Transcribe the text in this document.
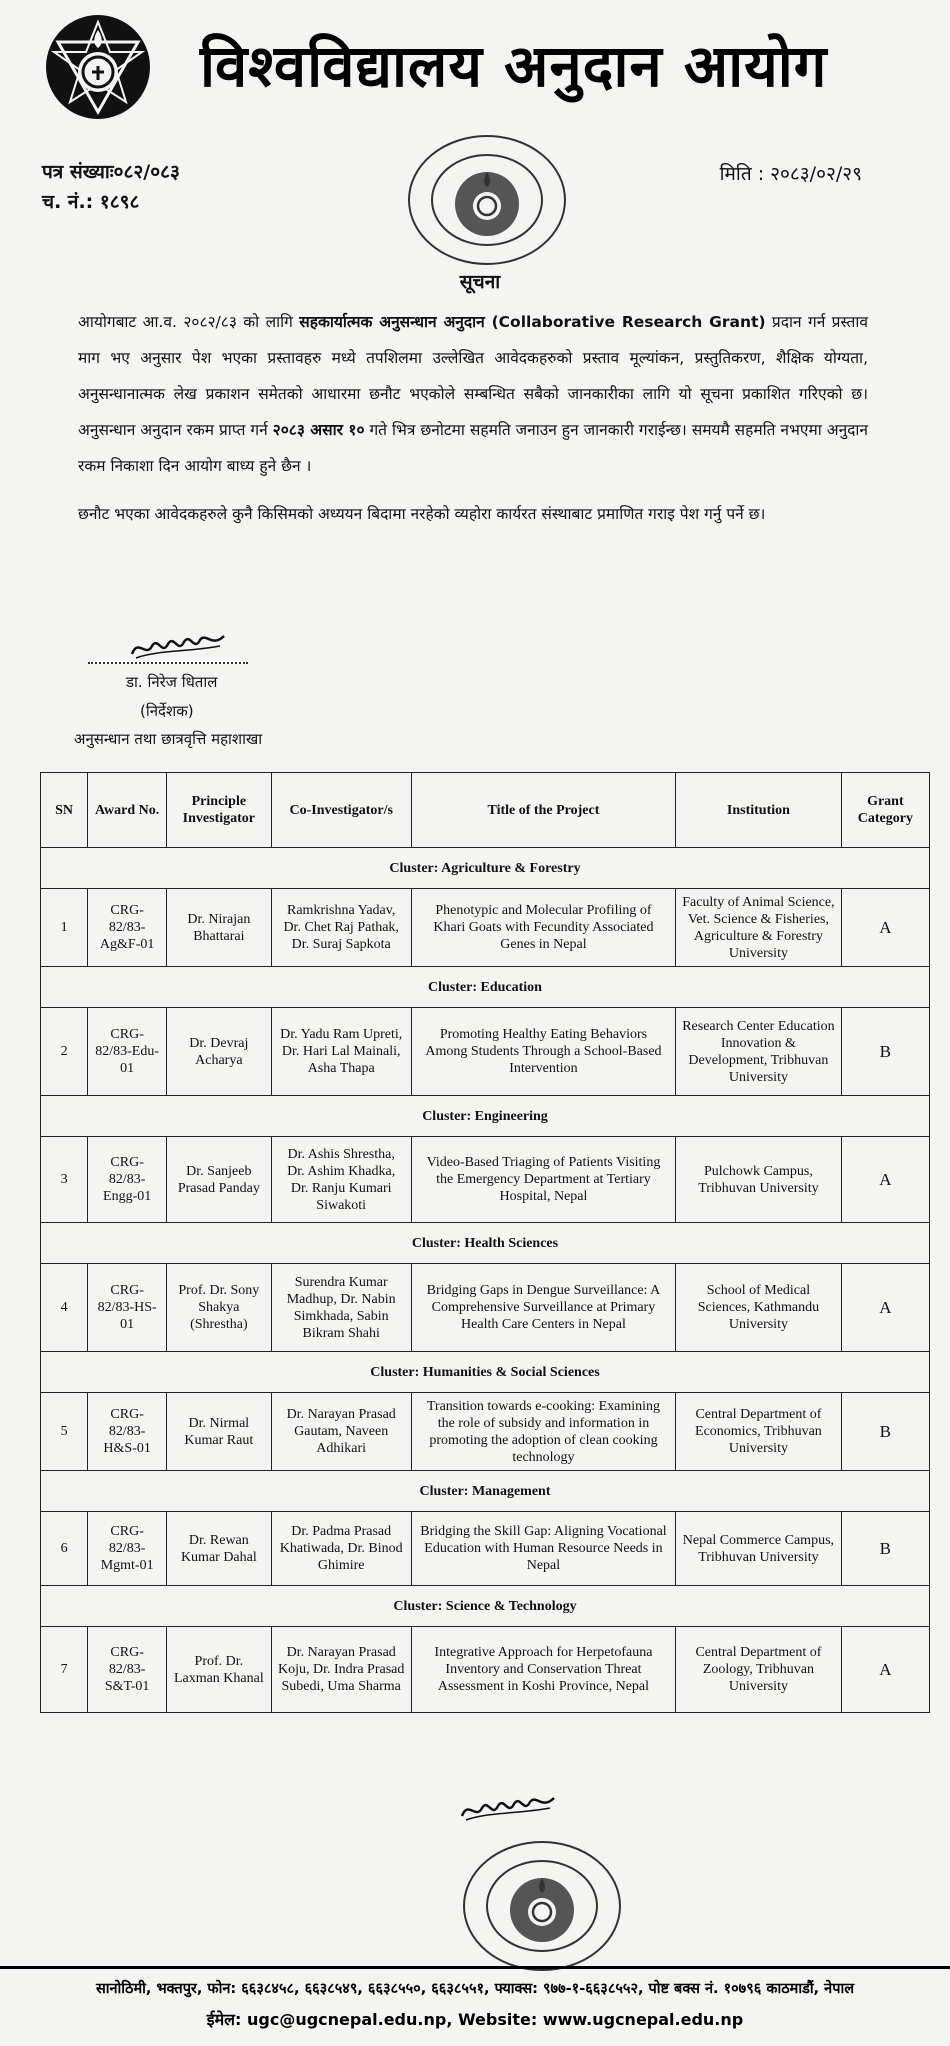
विश्वविद्यालय अनुदान आयोग
पत्र संख्याः०८२/०८३
च. नं.: १८९८
मिति : २०८३/०२/२९
सूचना

आयोगबाट आ.व. २०८२/८३ को लागि सहकार्यात्मक अनुसन्धान अनुदान (Collaborative Research Grant) प्रदान गर्न प्रस्ताव माग भए अनुसार पेश भएका प्रस्तावहरु मध्ये तपशिलमा उल्लेखित आवेदकहरुको प्रस्ताव मूल्यांकन, प्रस्तुतिकरण, शैक्षिक योग्यता, अनुसन्धानात्मक लेख प्रकाशन समेतको आधारमा छनौट भएकोले सम्बन्धित सबैको जानकारीका लागि यो सूचना प्रकाशित गरिएको छ। अनुसन्धान अनुदान रकम प्राप्त गर्न २०८३ असार १० गते भित्र छनोटमा सहमति जनाउन हुन जानकारी गराईन्छ। समयमै सहमति नभएमा अनुदान रकम निकाशा दिन आयोग बाध्य हुने छैन ।

छनौट भएका आवेदकहरुले कुनै किसिमको अध्ययन बिदामा नरहेको व्यहोरा कार्यरत संस्थाबाट प्रमाणित गराइ पेश गर्नु पर्ने छ।

डा. निरेज धिताल
(निर्देशक)
अनुसन्धान तथा छात्रवृत्ति महाशाखा
SN	Award No.	Principle Investigator	Co-Investigator/s	Title of the Project	Institution	Grant Category
Cluster: Agriculture & Forestry						
1	CRG-82/83-Ag&F-01	Dr. Nirajan Bhattarai	Ramkrishna Yadav, Dr. Chet Raj Pathak, Dr. Suraj Sapkota	Phenotypic and Molecular Profiling of Khari Goats with Fecundity Associated Genes in Nepal	Faculty of Animal Science, Vet. Science & Fisheries, Agriculture & Forestry University	A
Cluster: Education						
2	CRG-82/83-Edu-01	Dr. Devraj Acharya	Dr. Yadu Ram Upreti, Dr. Hari Lal Mainali, Asha Thapa	Promoting Healthy Eating Behaviors Among Students Through a School-Based Intervention	Research Center Education Innovation & Development, Tribhuvan University	B
Cluster: Engineering						
3	CRG-82/83-Engg-01	Dr. Sanjeeb Prasad Panday	Dr. Ashis Shrestha, Dr. Ashim Khadka, Dr. Ranju Kumari Siwakoti	Video-Based Triaging of Patients Visiting the Emergency Department at Tertiary Hospital, Nepal	Pulchowk Campus, Tribhuvan University	A
Cluster: Health Sciences						
4	CRG-82/83-HS-01	Prof. Dr. Sony Shakya (Shrestha)	Surendra Kumar Madhup, Dr. Nabin Simkhada, Sabin Bikram Shahi	Bridging Gaps in Dengue Surveillance: A Comprehensive Surveillance at Primary Health Care Centers in Nepal	School of Medical Sciences, Kathmandu University	A
Cluster: Humanities & Social Sciences						
5	CRG-82/83-H&S-01	Dr. Nirmal Kumar Raut	Dr. Narayan Prasad Gautam, Naveen Adhikari	Transition towards e-cooking: Examining the role of subsidy and information in promoting the adoption of clean cooking technology	Central Department of Economics, Tribhuvan University	B
Cluster: Management						
6	CRG-82/83-Mgmt-01	Dr. Rewan Kumar Dahal	Dr. Padma Prasad Khatiwada, Dr. Binod Ghimire	Bridging the Skill Gap: Aligning Vocational Education with Human Resource Needs in Nepal	Nepal Commerce Campus, Tribhuvan University	B
Cluster: Science & Technology						
7	CRG-82/83-S&T-01	Prof. Dr. Laxman Khanal	Dr. Narayan Prasad Koju, Dr. Indra Prasad Subedi, Uma Sharma	Integrative Approach for Herpetofauna Inventory and Conservation Threat Assessment in Koshi Province, Nepal	Central Department of Zoology, Tribhuvan University	A
सानोठिमी, भक्तपुर, फोन: ६६३८४५८, ६६३८५४९, ६६३८५५०, ६६३८५५१, फ्याक्स: ९७७-१-६६३८५५२, पोष्ट बक्स नं. १०७९६ काठमाडौं, नेपाल
ईमेल: ugc@ugcnepal.edu.np, Website: www.ugcnepal.edu.np
